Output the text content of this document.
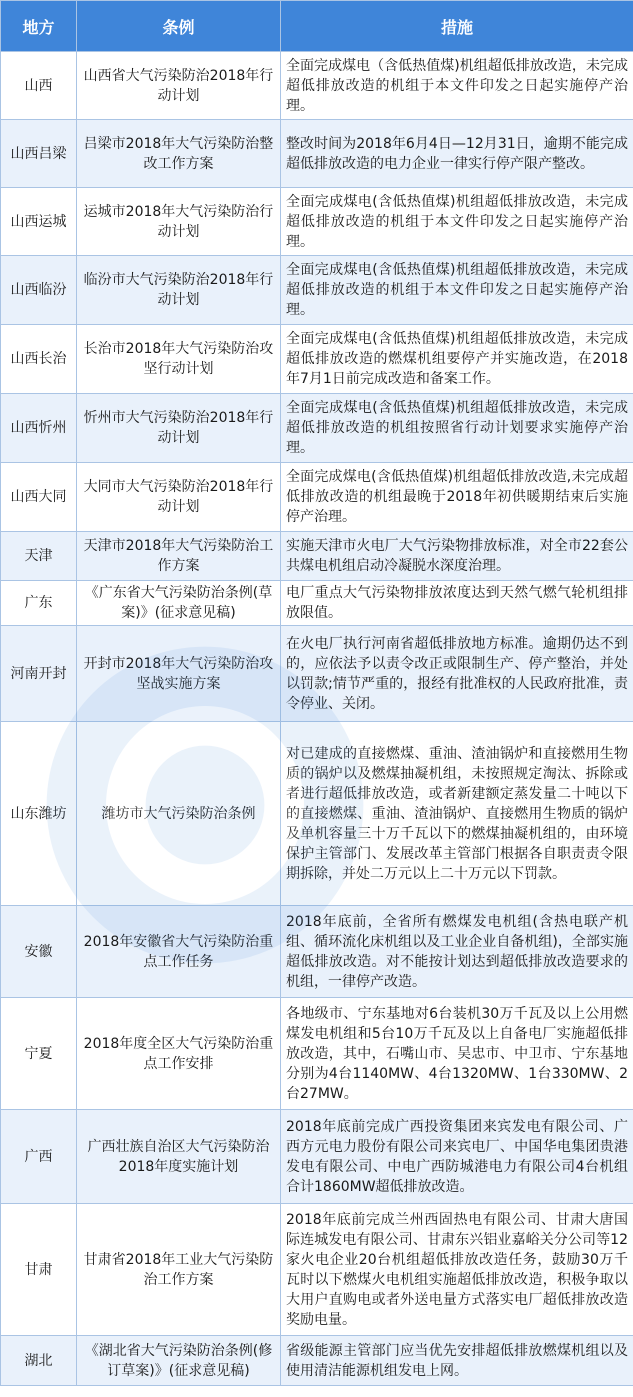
地方	条例	措施
山西	山西省大气污染防治2018年行动计划	全面完成煤电（含低热值煤)机组超低排放改造，未完成超低排放改造的机组于本文件印发之日起实施停产治理。
山西吕梁	吕梁市2018年大气污染防治整改工作方案	整改时间为2018年6月4日—12月31日，逾期不能完成超低排放改造的电力企业一律实行停产限产整改。
山西运城	运城市2018年大气污染防治行动计划	全面完成煤电(含低热值煤)机组超低排放改造，未完成超低排放改造的机组于本文件印发之日起实施停产治理。
山西临汾	临汾市大气污染防治2018年行动计划	全面完成煤电(含低热值煤)机组超低排放改造，未完成超低排放改造的机组于本文件印发之日起实施停产治理。
山西长治	长治市2018年大气污染防治攻坚行动计划	全面完成煤电(含低热值煤)机组超低排放改造，未完成超低排放改造的燃煤机组要停产并实施改造，在2018年7月1日前完成改造和备案工作。
山西忻州	忻州市大气污染防治2018年行动计划	全面完成煤电(含低热值煤)机组超低排放改造，未完成超低排放改造的机组按照省行动计划要求实施停产治理。
山西大同	大同市大气污染防治2018年行动计划	全面完成煤电(含低热值煤)机组超低排放改造,未完成超低排放改造的机组最晚于2018年初供暖期结束后实施停产治理。
天津	天津市2018年大气污染防治工作方案	实施天津市火电厂大气污染物排放标准，对全市22套公共煤电机组启动冷凝脱水深度治理。
广东	《广东省大气污染防治条例(草案)》(征求意见稿)	电厂重点大气污染物排放浓度达到天然气燃气轮机组排放限值。
河南开封	开封市2018年大气污染防治攻坚战实施方案	在火电厂执行河南省超低排放地方标准。逾期仍达不到的，应依法予以责令改正或限制生产、停产整治，并处以罚款;情节严重的，报经有批准权的人民政府批准，责令停业、关闭。
山东潍坊	潍坊市大气污染防治条例	对已建成的直接燃煤、重油、渣油锅炉和直接燃用生物质的锅炉以及燃煤抽凝机组，未按照规定淘汰、拆除或者进行超低排放改造，或者新建额定蒸发量二十吨以下的直接燃煤、重油、渣油锅炉、直接燃用生物质的锅炉及单机容量三十万千瓦以下的燃煤抽凝机组的，由环境保护主管部门、发展改革主管部门根据各自职责责令限期拆除，并处二万元以上二十万元以下罚款。
安徽	2018年安徽省大气污染防治重点工作任务	2018年底前，全省所有燃煤发电机组(含热电联产机组、循环流化床机组以及工业企业自备机组)，全部实施超低排放改造。对不能按计划达到超低排放改造要求的机组，一律停产改造。
宁夏	2018年度全区大气污染防治重点工作安排	各地级市、宁东基地对6台装机30万千瓦及以上公用燃煤发电机组和5台10万千瓦及以上自备电厂实施超低排放改造，其中，石嘴山市、吴忠市、中卫市、宁东基地分别为4台1140MW、4台1320MW、1台330MW、2台27MW。
广西	广西壮族自治区大气污染防治2018年度实施计划	2018年底前完成广西投资集团来宾发电有限公司、广西方元电力股份有限公司来宾电厂、中国华电集团贵港发电有限公司、中电广西防城港电力有限公司4台机组合计1860MW超低排放改造。
甘肃	甘肃省2018年工业大气污染防治工作方案	2018年底前完成兰州西固热电有限公司、甘肃大唐国际连城发电有限公司、甘肃东兴铝业嘉峪关分公司等12家火电企业20台机组超低排放改造任务，鼓励30万千瓦时以下燃煤火电机组实施超低排放改造，积极争取以大用户直购电或者外送电量方式落实电厂超低排放改造奖励电量。
湖北	《湖北省大气污染防治条例(修订草案)》(征求意见稿)	省级能源主管部门应当优先安排超低排放燃煤机组以及使用清洁能源机组发电上网。
